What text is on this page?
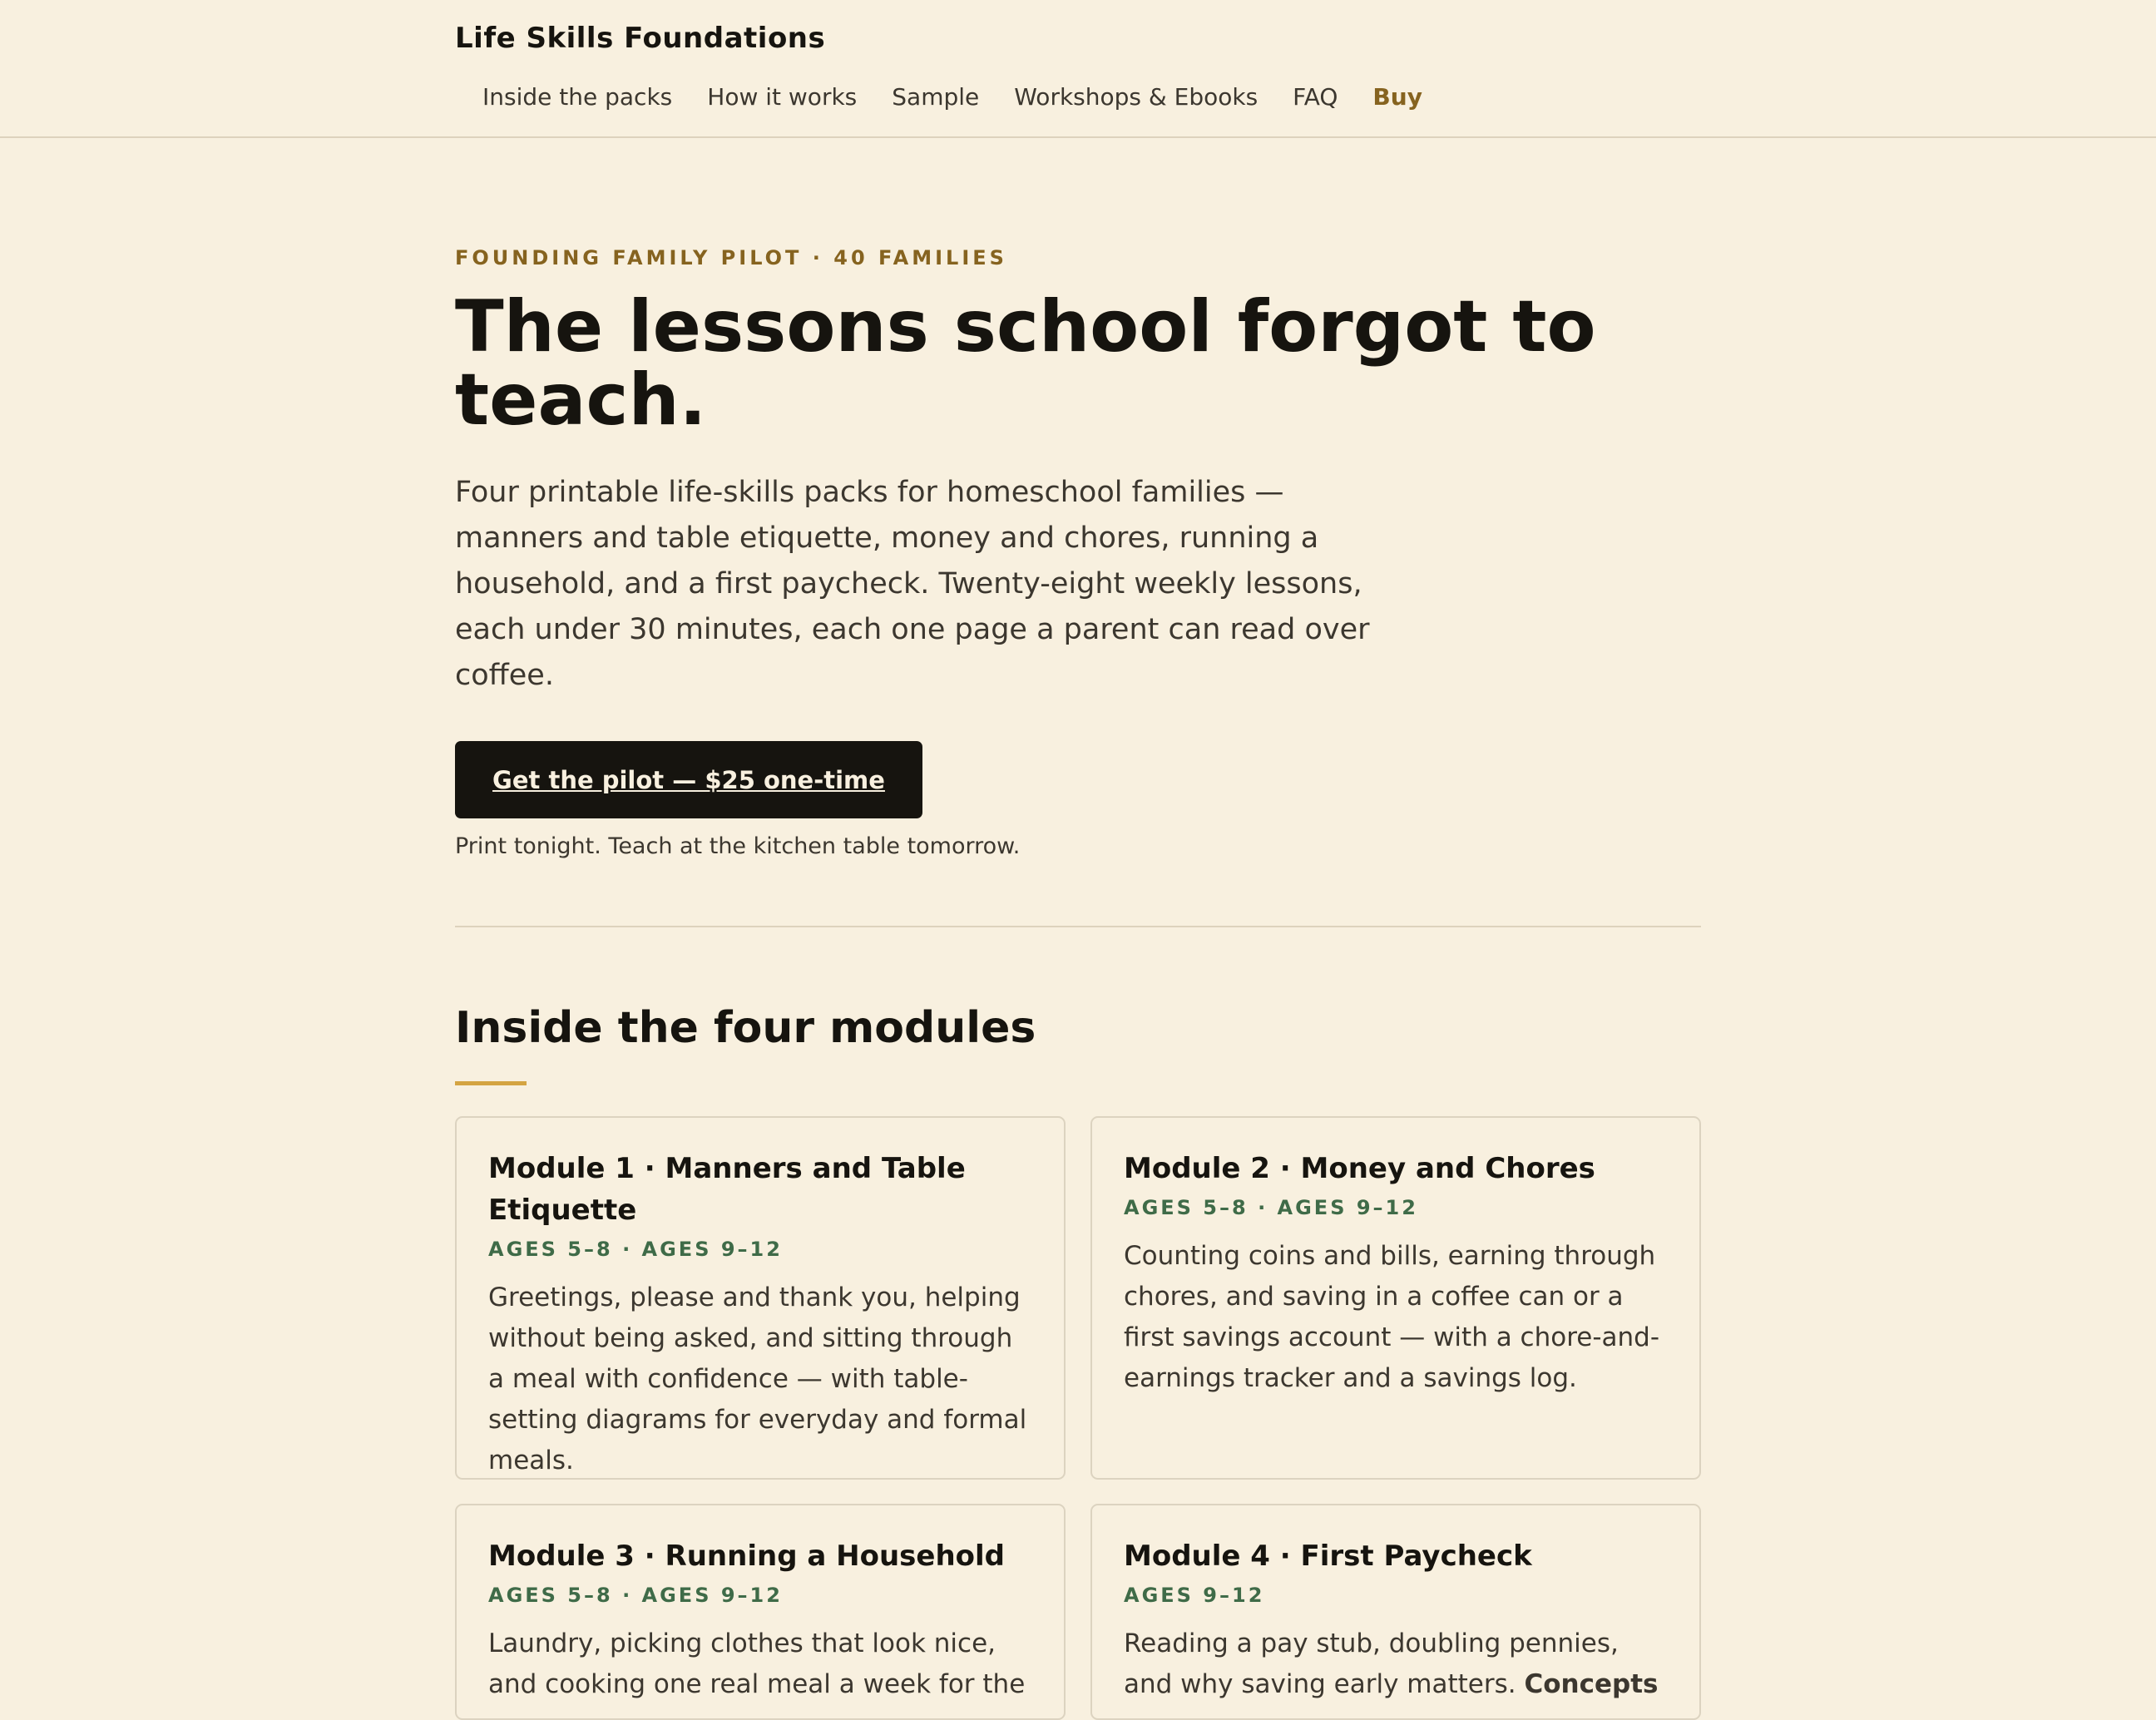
Life Skills Foundations
Inside the packs How it works Sample Workshops & Ebooks FAQ Buy
FOUNDING FAMILY PILOT · 40 FAMILIES
The lessons school forgot to teach.

Four printable life-skills packs for homeschool families — manners and table etiquette, money and chores, running a household, and a first paycheck. Twenty-eight weekly lessons, each under 30 minutes, each one page a parent can read over coffee.

Get the pilot — $25 one-time
Print tonight. Teach at the kitchen table tomorrow.
Inside the four modules
Module 1 · Manners and Table Etiquette
AGES 5–8 · AGES 9–12

Greetings, please and thank you, helping without being asked, and sitting through a meal with confidence — with table-setting diagrams for everyday and formal meals.

Module 2 · Money and Chores
AGES 5–8 · AGES 9–12

Counting coins and bills, earning through chores, and saving in a coffee can or a first savings account — with a chore-and-earnings tracker and a savings log.

Module 3 · Running a Household
AGES 5–8 · AGES 9–12

Laundry, picking clothes that look nice, and cooking one real meal a week for the

Module 4 · First Paycheck
AGES 9–12

Reading a pay stub, doubling pennies, and why saving early matters. Concepts
